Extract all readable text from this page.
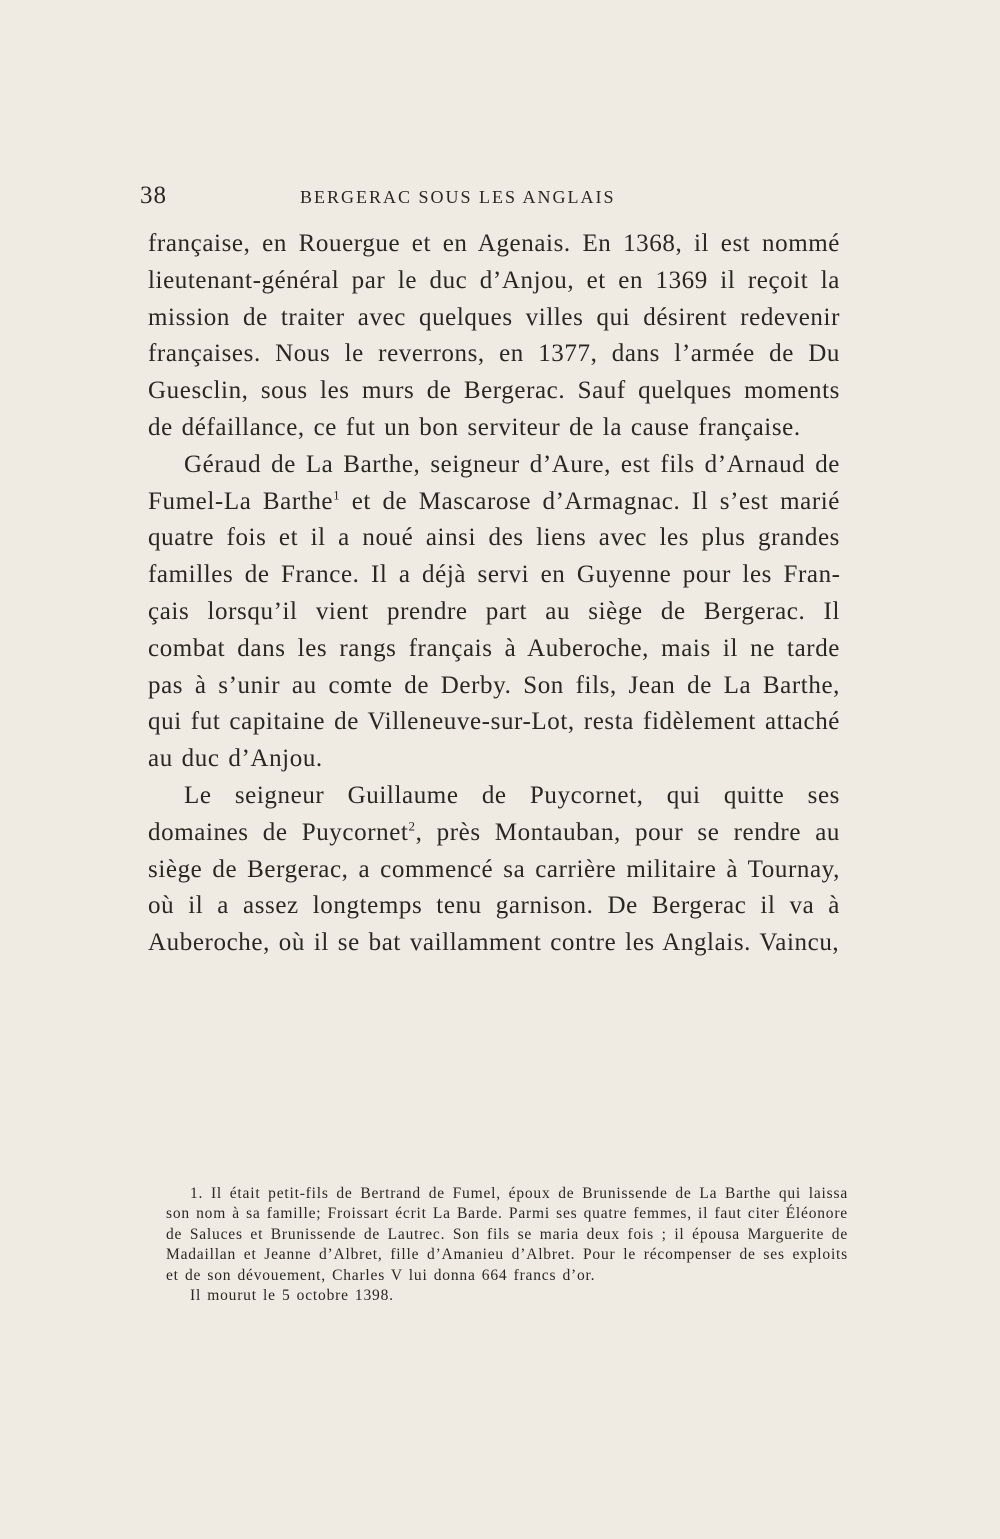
38	BERGERAC SOUS LES ANGLAIS

française, en Rouergue et en Agenais. En 1368, il est nommé lieutenant-général par le duc d’Anjou, et en 1369 il reçoit la mission de traiter avec quelques villes qui désirent redevenir françaises. Nous le reverrons, en 1377, dans l’armée de Du Guesclin, sous les murs de Bergerac. Sauf quelques moments de défaillance, ce fut un bon serviteur de la cause française.

Géraud de La Barthe, seigneur d’Aure, est fils d’Arnaud de Fumel-La Barthe$^1$ et de Mascarose d’Armagnac. Il s’est marié quatre fois et il a noué ainsi des liens avec les plus grandes familles de France. Il a déjà servi en Guyenne pour les Français lorsqu’il vient prendre part au siège de Bergerac. Il combat dans les rangs français à Auberoche, mais il ne tarde pas à s’unir au comte de Derby. Son fils, Jean de La Barthe, qui fut capitaine de Villeneuve-sur-Lot, resta fidèlement attaché au duc d’Anjou.

Le seigneur Guillaume de Puycornet, qui quitte ses domaines de Puycornet$^2$, près Montauban, pour se rendre au siège de Bergerac, a commencé sa carrière militaire à Tournay, où il a assez longtemps tenu garnison. De Bergerac il va à Auberoche, où il se bat vaillamment contre les Anglais. Vaincu,

1. Il était petit-fils de Bertrand de Fumel, époux de Brunissende de La Barthe qui laissa son nom à sa famille; Froissart écrit La Barde. Parmi ses quatre femmes, il faut citer Éléonore de Saluces et Brunissende de Lautrec. Son fils se maria deux fois ; il épousa Marguerite de Madaillan et Jeanne d’Albret, fille d’Amanieu d’Albret. Pour le récompenser de ses exploits et de son dévouement, Charles V lui donna 664 francs d’or.

Il mourut le 5 octobre 1398.
